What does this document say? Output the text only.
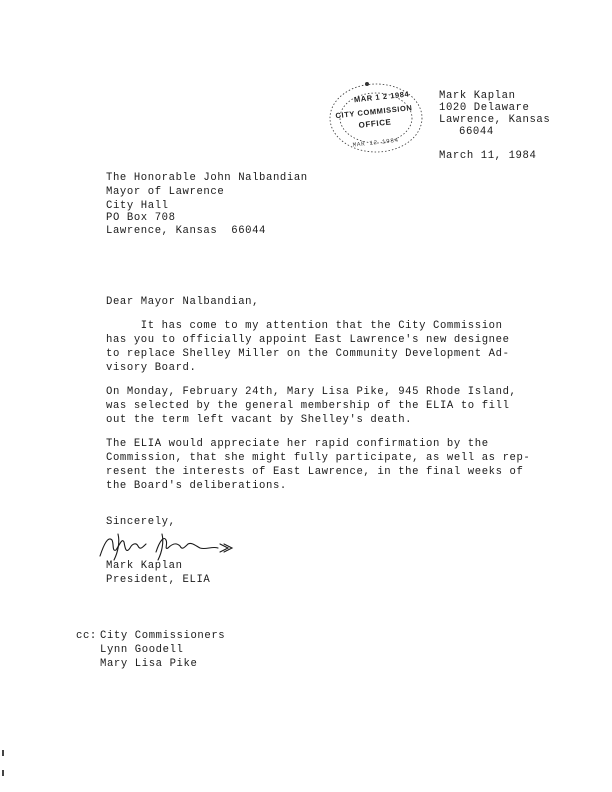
MAR 1 2 1984
CITY COMMISSION
OFFICE
MAR 12 1984
Mark Kaplan
1020 Delaware
Lawrence, Kansas
66044
March 11, 1984
The Honorable John Nalbandian
Mayor of Lawrence
City Hall
PO Box 708
Lawrence, Kansas  66044
Dear Mayor Nalbandian,
It has come to my attention that the City Commission
has you to officially appoint East Lawrence's new designee
to replace Shelley Miller on the Community Development Ad-
visory Board.
On Monday, February 24th, Mary Lisa Pike, 945 Rhode Island,
was selected by the general membership of the ELIA to fill
out the term left vacant by Shelley's death.
The ELIA would appreciate her rapid confirmation by the
Commission, that she might fully participate, as well as rep-
resent the interests of East Lawrence, in the final weeks of
the Board's deliberations.
Sincerely,
Mark Kaplan
President, ELIA
cc: City Commissioners
Lynn Goodell
Mary Lisa Pike
